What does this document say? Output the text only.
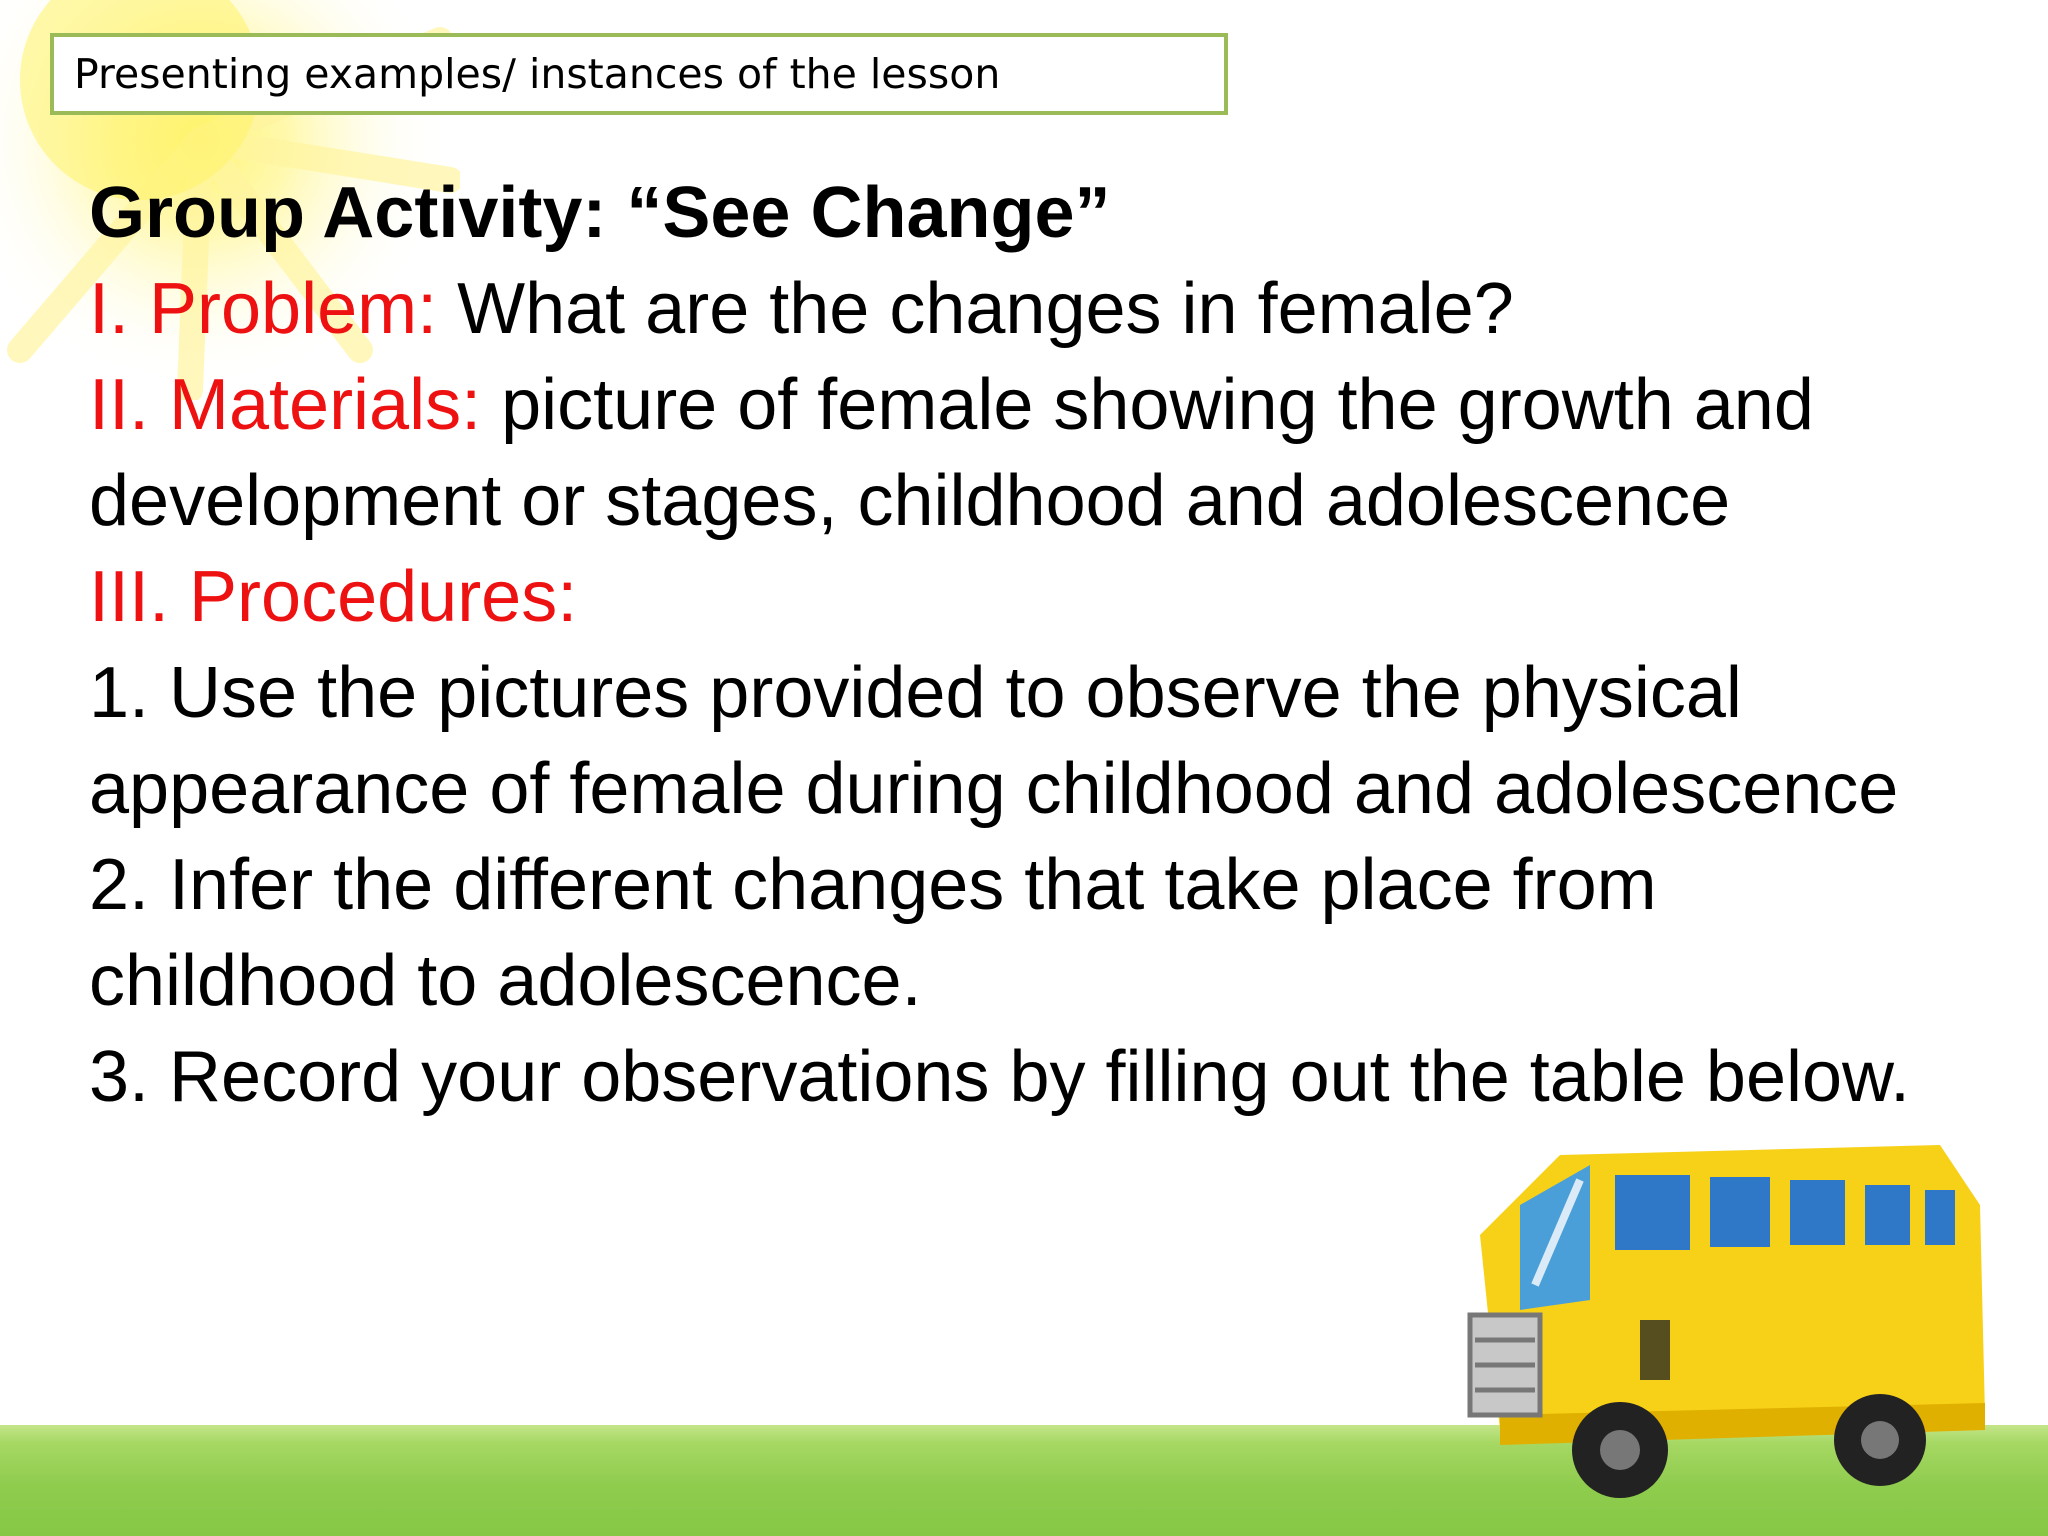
Presenting examples/ instances of the lesson

Group Activity: “See Change”

I. Problem: What are the changes in female?

II. Materials: picture of female showing the growth and development or stages, childhood and adolescence

III. Procedures:

1. Use the pictures provided to observe the physical appearance of female during childhood and adolescence

2. Infer the different changes that take place from childhood to adolescence.

3. Record your observations by filling out the table below.
